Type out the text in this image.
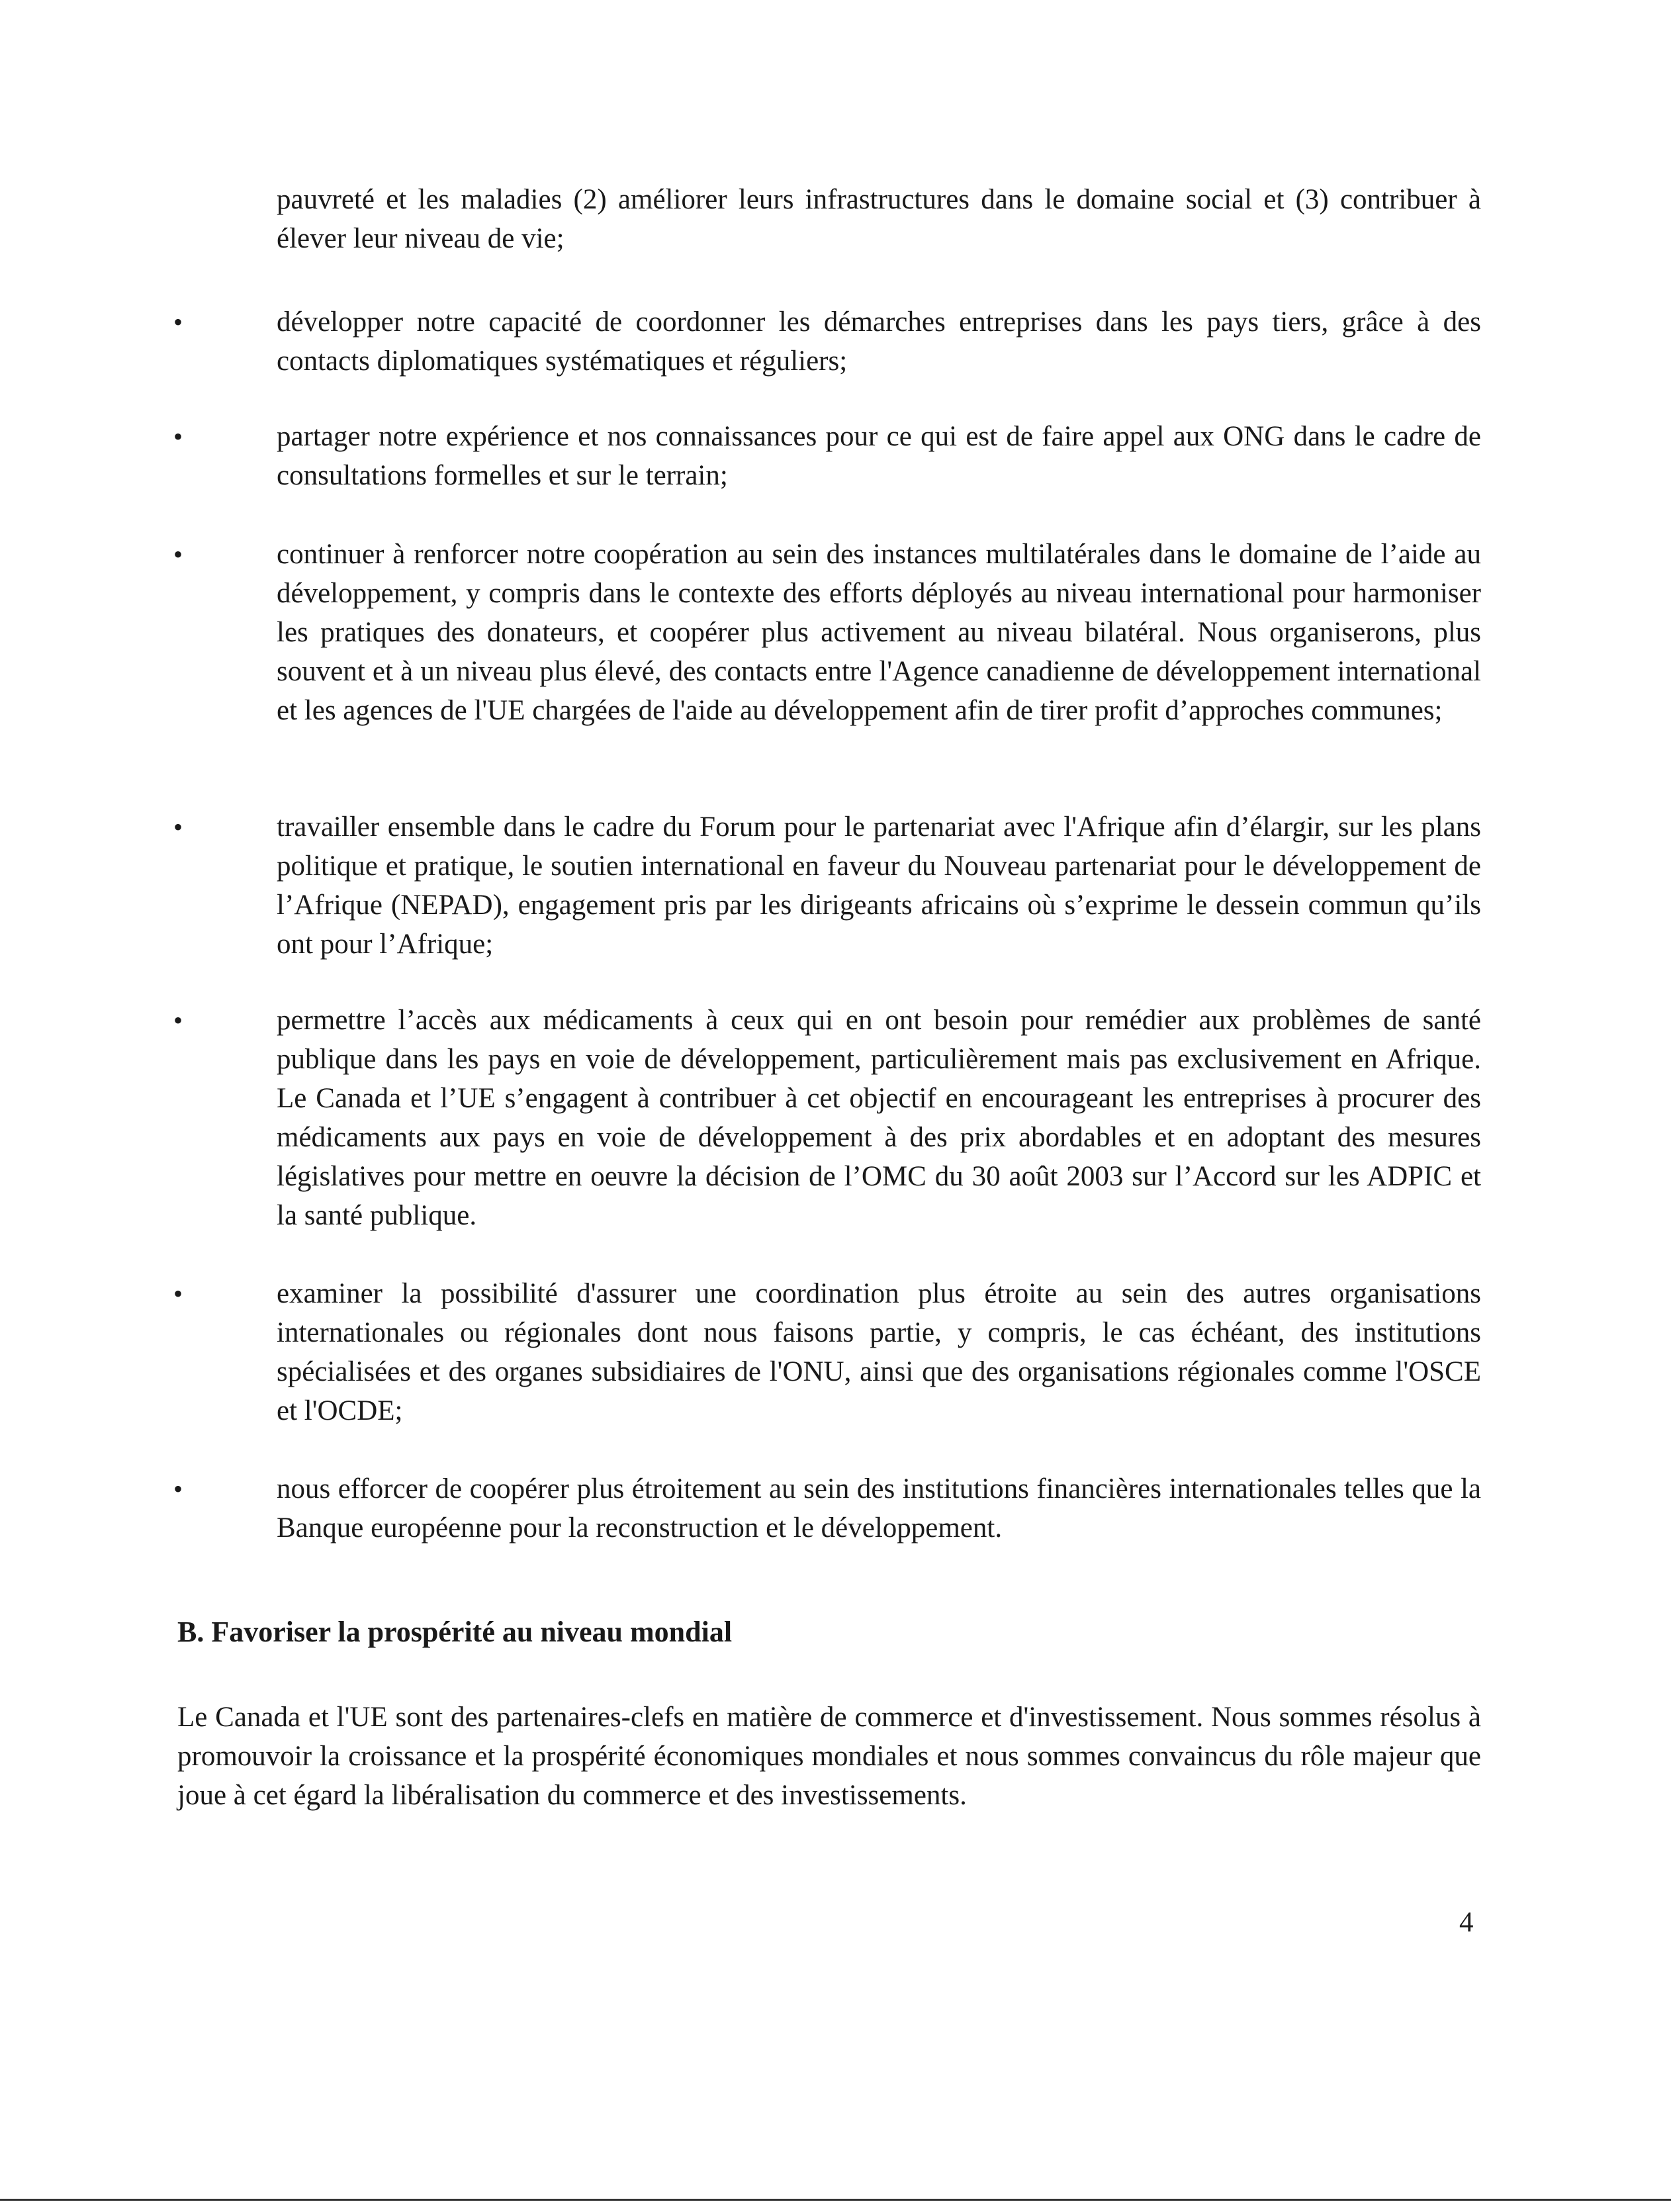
pauvreté et les maladies (2) améliorer leurs infrastructures dans le domaine social et (3) contribuer à élever leur niveau de vie;

•	développer notre capacité de coordonner les démarches entreprises dans les pays tiers, grâce à des contacts diplomatiques systématiques et réguliers;

•	partager notre expérience et nos connaissances pour ce qui est de faire appel aux ONG dans le cadre de consultations formelles et sur le terrain;

•	continuer à renforcer notre coopération au sein des instances multilatérales dans le domaine de l’aide au développement, y compris dans le contexte des efforts déployés au niveau international pour harmoniser les pratiques des donateurs, et coopérer plus activement au niveau bilatéral. Nous organiserons, plus souvent et à un niveau plus élevé, des contacts entre l'Agence canadienne de développement international et les agences de l'UE chargées de l'aide au développement afin de tirer profit d’approches communes;

•	travailler ensemble dans le cadre du Forum pour le partenariat avec l'Afrique afin d’élargir, sur les plans politique et pratique, le soutien international en faveur du Nouveau partenariat pour le développement de l’Afrique (NEPAD), engagement pris par les dirigeants africains où s’exprime le dessein commun qu’ils ont pour l’Afrique;

•	permettre l’accès aux médicaments à ceux qui en ont besoin pour remédier aux problèmes de santé publique dans les pays en voie de développement, particulièrement mais pas exclusivement en Afrique. Le Canada et l’UE s’engagent à contribuer à cet objectif en encourageant les entreprises à procurer des médicaments aux pays en voie de développement à des prix abordables et en adoptant des mesures législatives pour mettre en oeuvre la décision de l’OMC du 30 août 2003 sur l’Accord sur les ADPIC et la santé publique.

•	examiner la possibilité d'assurer une coordination plus étroite au sein des autres organisations internationales ou régionales dont nous faisons partie, y compris, le cas échéant, des institutions spécialisées et des organes subsidiaires de l'ONU, ainsi que des organisations régionales comme l'OSCE et l'OCDE;

•	nous efforcer de coopérer plus étroitement au sein des institutions financières internationales telles que la Banque européenne pour la reconstruction et le développement.

B. Favoriser la prospérité au niveau mondial

Le Canada et l'UE sont des partenaires-clefs en matière de commerce et d'investissement. Nous sommes résolus à promouvoir la croissance et la prospérité économiques mondiales et nous sommes convaincus du rôle majeur que joue à cet égard la libéralisation du commerce et des investissements.

4
